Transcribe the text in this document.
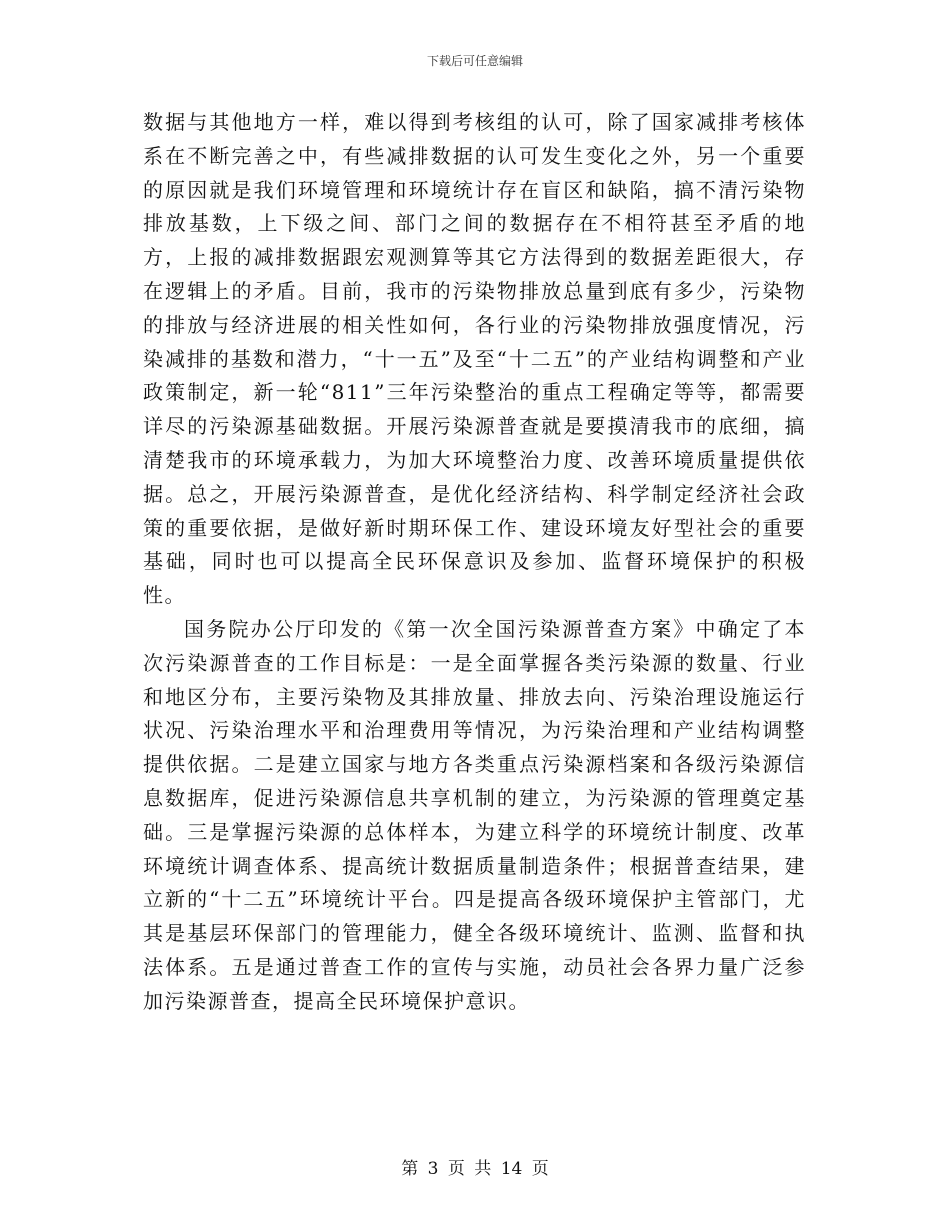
下载后可任意编辑

数据与其他地方一样，难以得到考核组的认可，除了国家减排考核体系在不断完善之中，有些减排数据的认可发生变化之外，另一个重要的原因就是我们环境管理和环境统计存在盲区和缺陷，搞不清污染物排放基数，上下级之间、部门之间的数据存在不相符甚至矛盾的地方，上报的减排数据跟宏观测算等其它方法得到的数据差距很大，存在逻辑上的矛盾。目前，我市的污染物排放总量到底有多少，污染物的排放与经济进展的相关性如何，各行业的污染物排放强度情况，污染减排的基数和潜力，“十一五”及至“十二五”的产业结构调整和产业政策制定，新一轮“811”三年污染整治的重点工程确定等等，都需要详尽的污染源基础数据。开展污染源普查就是要摸清我市的底细，搞清楚我市的环境承载力，为加大环境整治力度、改善环境质量提供依据。总之，开展污染源普查，是优化经济结构、科学制定经济社会政策的重要依据，是做好新时期环保工作、建设环境友好型社会的重要基础，同时也可以提高全民环保意识及参加、监督环境保护的积极性。

国务院办公厅印发的《第一次全国污染源普查方案》中确定了本次污染源普查的工作目标是：一是全面掌握各类污染源的数量、行业和地区分布，主要污染物及其排放量、排放去向、污染治理设施运行状况、污染治理水平和治理费用等情况，为污染治理和产业结构调整提供依据。二是建立国家与地方各类重点污染源档案和各级污染源信息数据库，促进污染源信息共享机制的建立，为污染源的管理奠定基础。三是掌握污染源的总体样本，为建立科学的环境统计制度、改革环境统计调查体系、提高统计数据质量制造条件；根据普查结果，建立新的“十二五”环境统计平台。四是提高各级环境保护主管部门，尤其是基层环保部门的管理能力，健全各级环境统计、监测、监督和执法体系。五是通过普查工作的宣传与实施，动员社会各界力量广泛参加污染源普查，提高全民环境保护意识。

第 3 页 共 14 页
